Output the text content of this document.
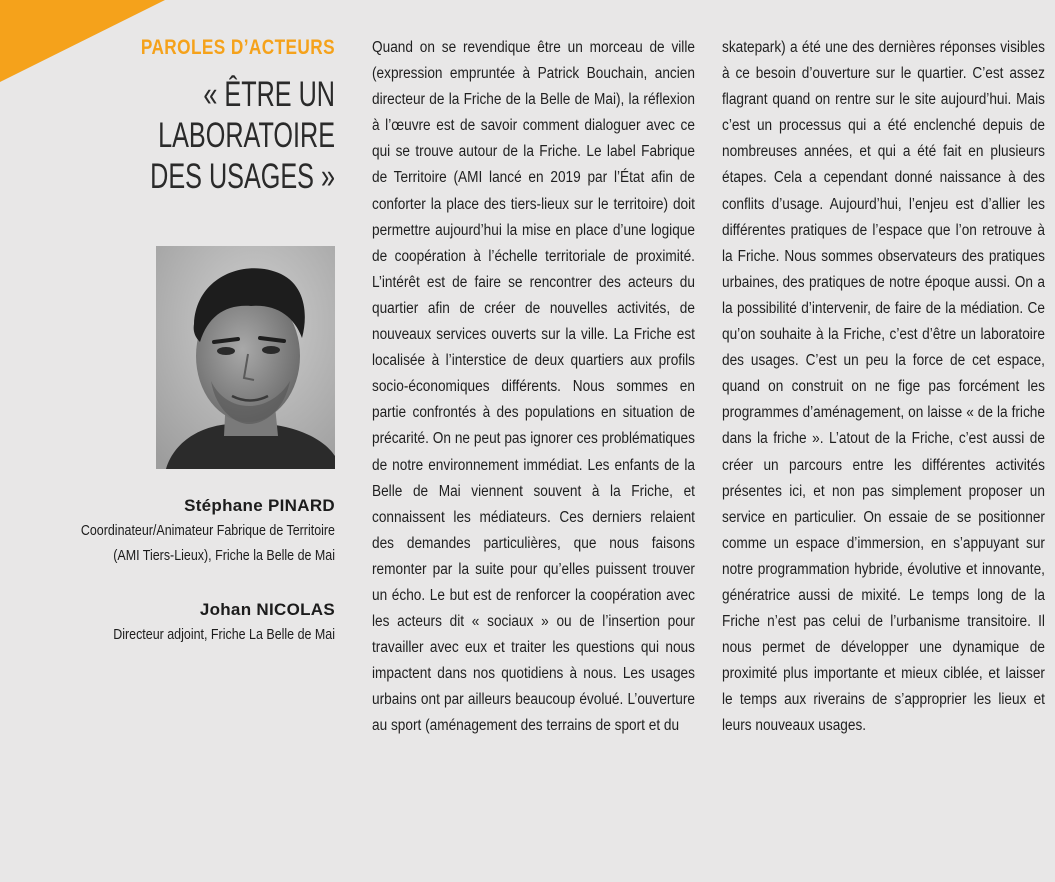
PAROLES D’ACTEURS
« ÊTRE UN
LABORATOIRE
DES USAGES »
Stéphane PINARD
Coordinateur/Animateur Fabrique de Territoire
(AMI Tiers-Lieux), Friche la Belle de Mai
Johan NICOLAS
Directeur adjoint, Friche La Belle de Mai

Quand on se revendique être un morceau de ville (expression empruntée à Patrick Bouchain, ancien directeur de la Friche de la Belle de Mai), la réflexion à l’œuvre est de savoir comment dialoguer avec ce qui se trouve autour de la Friche. Le label Fabrique de Territoire (AMI lancé en 2019 par l’État afin de conforter la place des tiers-lieux sur le territoire) doit permettre aujourd’hui la mise en place d’une logique de coopération à l’échelle territoriale de proximité. L’intérêt est de faire se rencontrer des acteurs du quartier afin de créer de nouvelles activités, de nouveaux services ouverts sur la ville. La Friche est localisée à l’interstice de deux quartiers aux profils socio-économiques différents. Nous sommes en partie confrontés à des populations en situation de précarité. On ne peut pas ignorer ces problématiques de notre environnement immédiat. Les enfants de la Belle de Mai viennent souvent à la Friche, et connaissent les médiateurs. Ces derniers relaient des demandes particulières, que nous faisons remonter par la suite pour qu’elles puissent trouver un écho. Le but est de renforcer la coopération avec les acteurs dit « sociaux » ou de l’insertion pour travailler avec eux et traiter les questions qui nous impactent dans nos quotidiens à nous. Les usages urbains ont par ailleurs beaucoup évolué. L’ouverture au sport (aménagement des terrains de sport et du

skatepark) a été une des dernières réponses visibles à ce besoin d’ouverture sur le quartier. C’est assez flagrant quand on rentre sur le site aujourd’hui. Mais c’est un processus qui a été enclenché depuis de nombreuses années, et qui a été fait en plusieurs étapes. Cela a cependant donné naissance à des conflits d’usage. Aujourd’hui, l’enjeu est d’allier les différentes pratiques de l’espace que l’on retrouve à la Friche. Nous sommes observateurs des pratiques urbaines, des pratiques de notre époque aussi. On a la possibilité d’intervenir, de faire de la médiation. Ce qu’on souhaite à la Friche, c’est d’être un laboratoire des usages. C’est un peu la force de cet espace, quand on construit on ne fige pas forcément les programmes d’aménagement, on laisse « de la friche dans la friche ». L’atout de la Friche, c’est aussi de créer un parcours entre les différentes activités présentes ici, et non pas simplement proposer un service en particulier. On essaie de se positionner comme un espace d’immersion, en s’appuyant sur notre programmation hybride, évolutive et innovante, génératrice aussi de mixité. Le temps long de la Friche n’est pas celui de l’urbanisme transitoire. Il nous permet de développer une dynamique de proximité plus importante et mieux ciblée, et laisser le temps aux riverains de s’approprier les lieux et leurs nouveaux usages.
